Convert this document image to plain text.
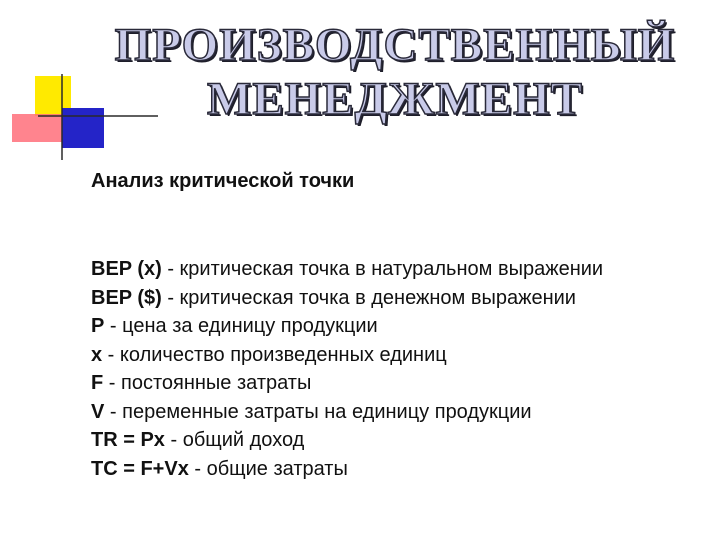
ПРОИЗВОДСТВЕННЫЙ
МЕНЕДЖМЕНТ
Анализ критической точки
BEP (x) - критическая точка в натуральном выражении
BEP ($) - критическая точка в денежном выражении
P - цена за единицу продукции
x - количество произведенных единиц
F - постоянные затраты
V - переменные затраты на единицу продукции
TR = Px - общий доход
TC = F+Vx - общие затраты
